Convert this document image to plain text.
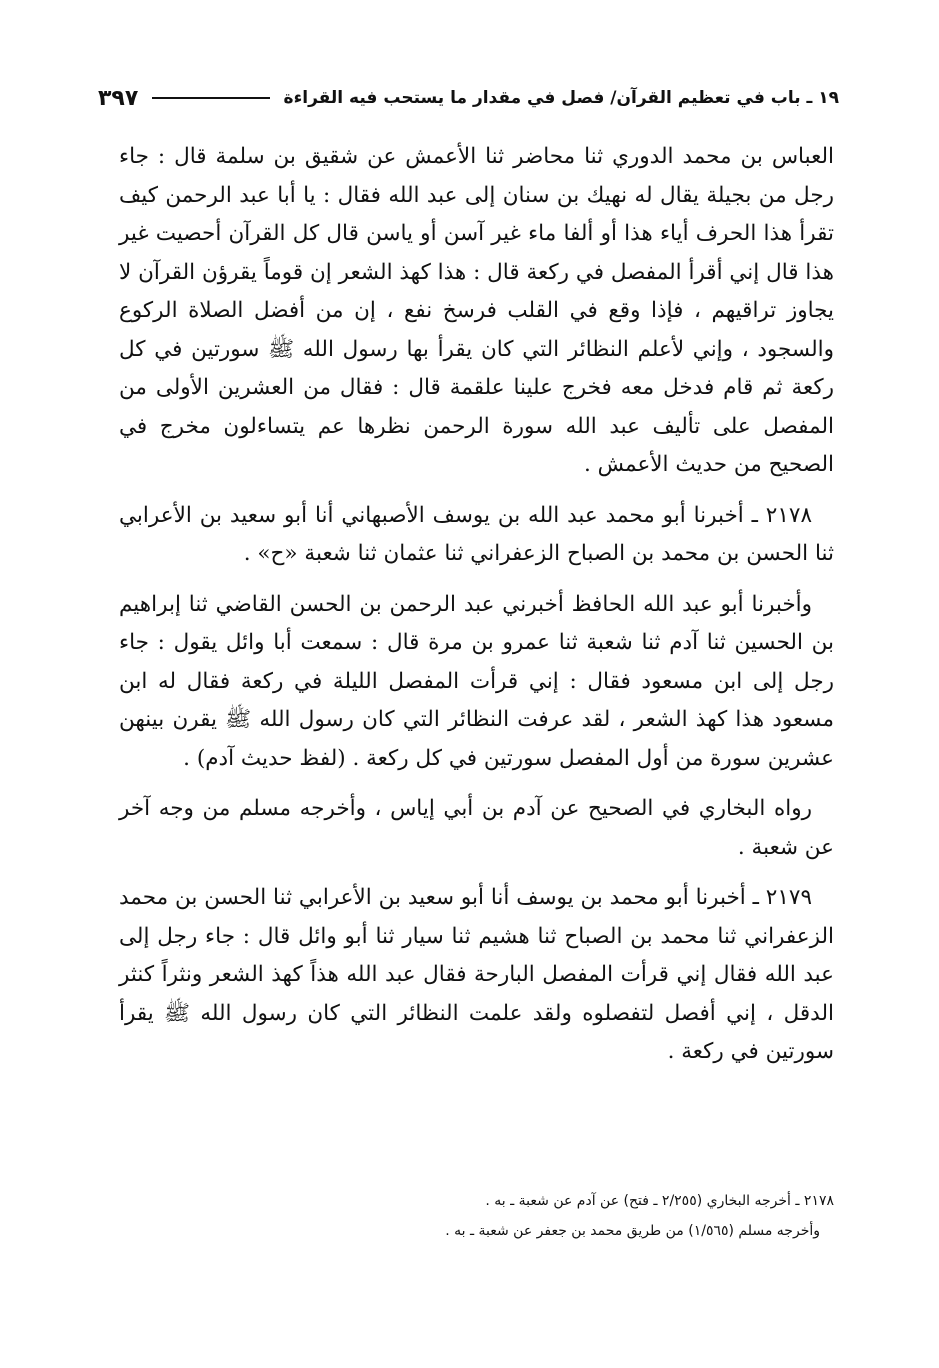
١٩ ـ باب في تعظيم القرآن/ فصل في مقدار ما يستحب فيه القراءة
٣٩٧

العباس بن محمد الدوري ثنا محاضر ثنا الأعمش عن شقيق بن سلمة قال : جاء رجل من بجيلة يقال له نهيك بن سنان إلى عبد الله فقال : يا أبا عبد الرحمن كيف تقرأ هذا الحرف أياء هذا أو ألفا ماء غير آسن أو ياسن قال كل القرآن أحصيت غير هذا قال إني أقرأ المفصل في ركعة قال : هذا كهذ الشعر إن قوماً يقرؤن القرآن لا يجاوز تراقيهم ، فإذا وقع في القلب فرسخ نفع ، إن من أفضل الصلاة الركوع والسجود ، وإني لأعلم النظائر التي كان يقرأ بها رسول الله ﷺ سورتين في كل ركعة ثم قام فدخل معه فخرج علينا علقمة قال : فقال من العشرين الأولى من المفصل على تأليف عبد الله سورة الرحمن نظرها عم يتساءلون مخرج في الصحيح من حديث الأعمش .

٢١٧٨ ـ أخبرنا أبو محمد عبد الله بن يوسف الأصبهاني أنا أبو سعيد بن الأعرابي ثنا الحسن بن محمد بن الصباح الزعفراني ثنا عثمان ثنا شعبة «ح» .

وأخبرنا أبو عبد الله الحافظ أخبرني عبد الرحمن بن الحسن القاضي ثنا إبراهيم بن الحسين ثنا آدم ثنا شعبة ثنا عمرو بن مرة قال : سمعت أبا وائل يقول : جاء رجل إلى ابن مسعود فقال : إني قرأت المفصل الليلة في ركعة فقال له ابن مسعود هذا كهذ الشعر ، لقد عرفت النظائر التي كان رسول الله ﷺ يقرن بينهن عشرين سورة من أول المفصل سورتين في كل ركعة . (لفظ حديث آدم) .

رواه البخاري في الصحيح عن آدم بن أبي إياس ، وأخرجه مسلم من وجه آخر عن شعبة .

٢١٧٩ ـ أخبرنا أبو محمد بن يوسف أنا أبو سعيد بن الأعرابي ثنا الحسن بن محمد الزعفراني ثنا محمد بن الصباح ثنا هشيم ثنا سيار ثنا أبو وائل قال : جاء رجل إلى عبد الله فقال إني قرأت المفصل البارحة فقال عبد الله هذاً كهذ الشعر ونثراً كنثر الدقل ، إني أفصل لتفصلوه ولقد علمت النظائر التي كان رسول الله ﷺ يقرأ سورتين في ركعة .

٢١٧٨ ـ أخرجه البخاري (٢/٢٥٥ ـ فتح) عن آدم عن شعبة ـ به .

وأخرجه مسلم (١/٥٦٥) من طريق محمد بن جعفر عن شعبة ـ به .
